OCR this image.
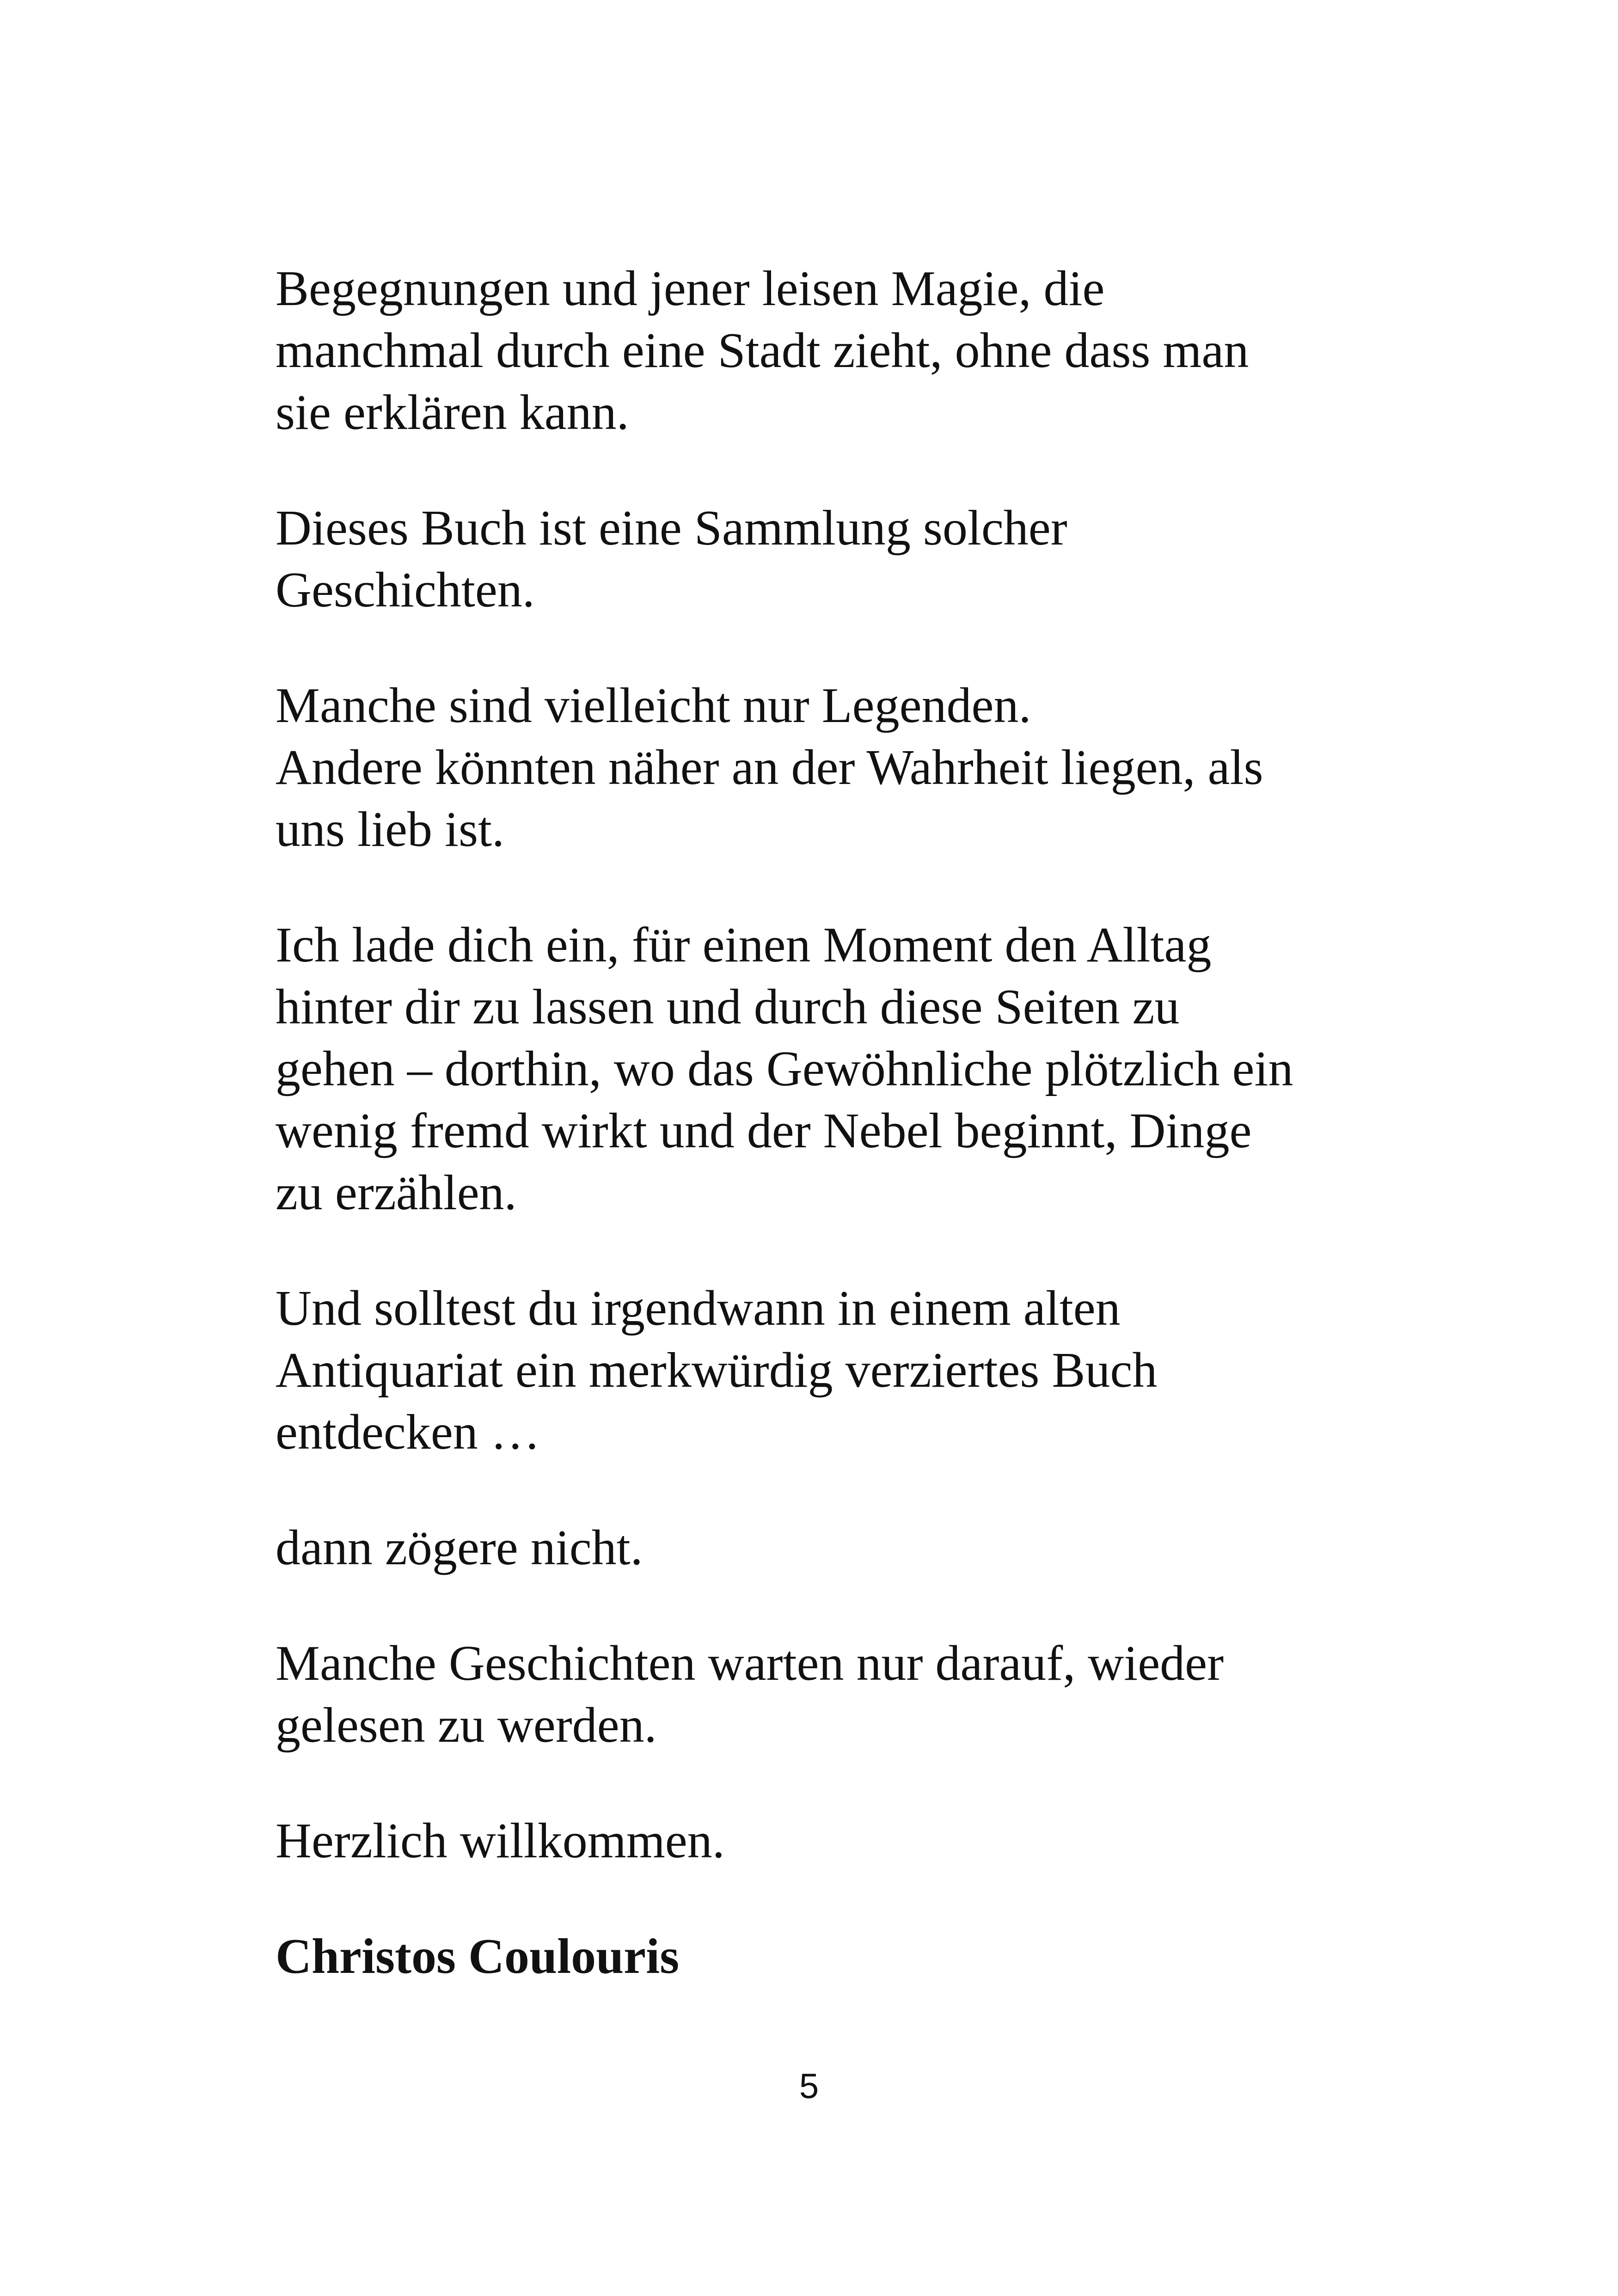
Begegnungen und jener leisen Magie, die
manchmal durch eine Stadt zieht, ohne dass man
sie erklären kann.

Dieses Buch ist eine Sammlung solcher
Geschichten.

Manche sind vielleicht nur Legenden.
Andere könnten näher an der Wahrheit liegen, als
uns lieb ist.

Ich lade dich ein, für einen Moment den Alltag
hinter dir zu lassen und durch diese Seiten zu
gehen – dorthin, wo das Gewöhnliche plötzlich ein
wenig fremd wirkt und der Nebel beginnt, Dinge
zu erzählen.

Und solltest du irgendwann in einem alten
Antiquariat ein merkwürdig verziertes Buch
entdecken …

dann zögere nicht.

Manche Geschichten warten nur darauf, wieder
gelesen zu werden.

Herzlich willkommen.

Christos Coulouris

5
